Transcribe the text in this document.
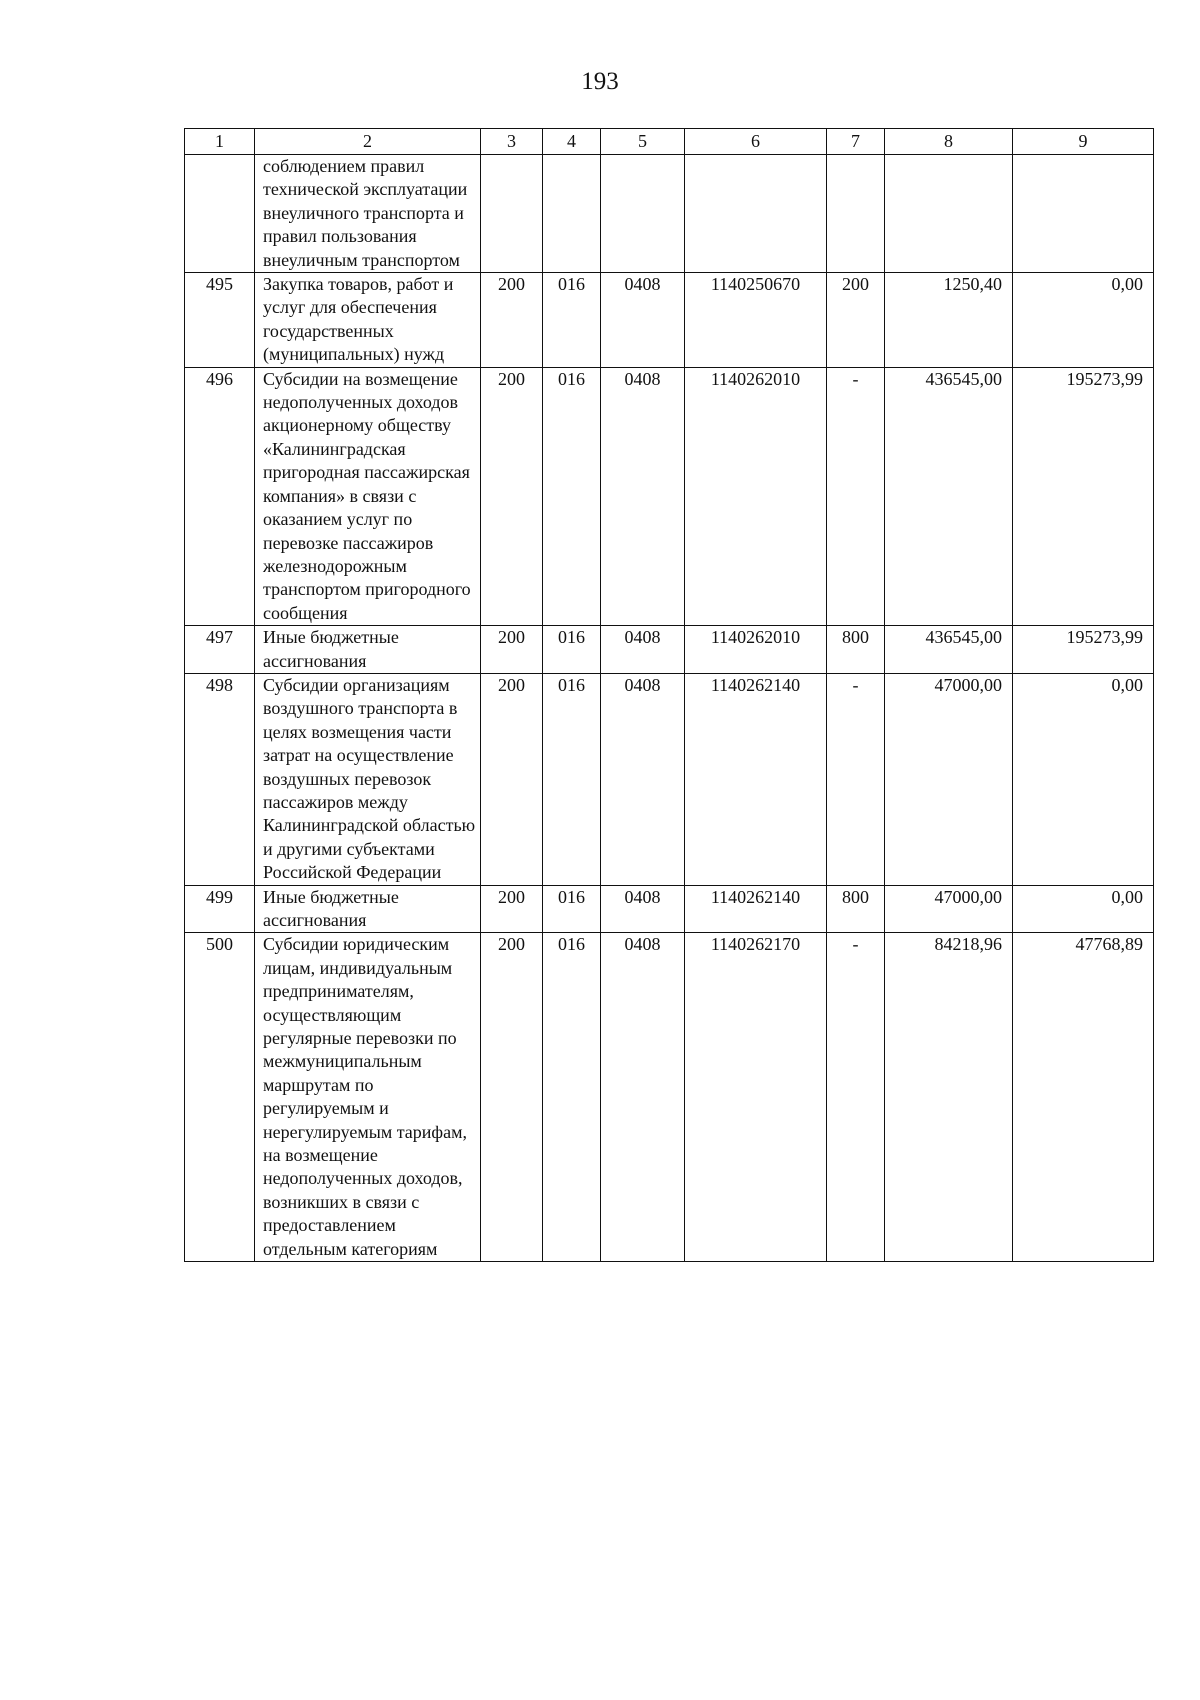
193
1	2	3	4	5	6	7	8	9
	соблюдением правил технической эксплуатации внеуличного транспорта и правил пользования внеуличным транспортом							
495	Закупка товаров, работ и услуг для обеспечения государственных (муниципальных) нужд	200	016	0408	1140250670	200	1250,40	0,00
496	Субсидии на возмещение недополученных доходов акционерному обществу «Калининградская пригородная пассажирская компания» в связи с оказанием услуг по перевозке пассажиров железнодорожным транспортом пригородного сообщения	200	016	0408	1140262010	-	436545,00	195273,99
497	Иные бюджетные ассигнования	200	016	0408	1140262010	800	436545,00	195273,99
498	Субсидии организациям воздушного транспорта в целях возмещения части затрат на осуществление воздушных перевозок пассажиров между Калининградской областью и другими субъектами Российской Федерации	200	016	0408	1140262140	-	47000,00	0,00
499	Иные бюджетные ассигнования	200	016	0408	1140262140	800	47000,00	0,00
500	Субсидии юридическим лицам, индивидуальным предпринимателям, осуществляющим регулярные перевозки по межмуниципальным маршрутам по регулируемым и нерегулируемым тарифам, на возмещение недополученных доходов, возникших в связи с предоставлением отдельным категориям	200	016	0408	1140262170	-	84218,96	47768,89
